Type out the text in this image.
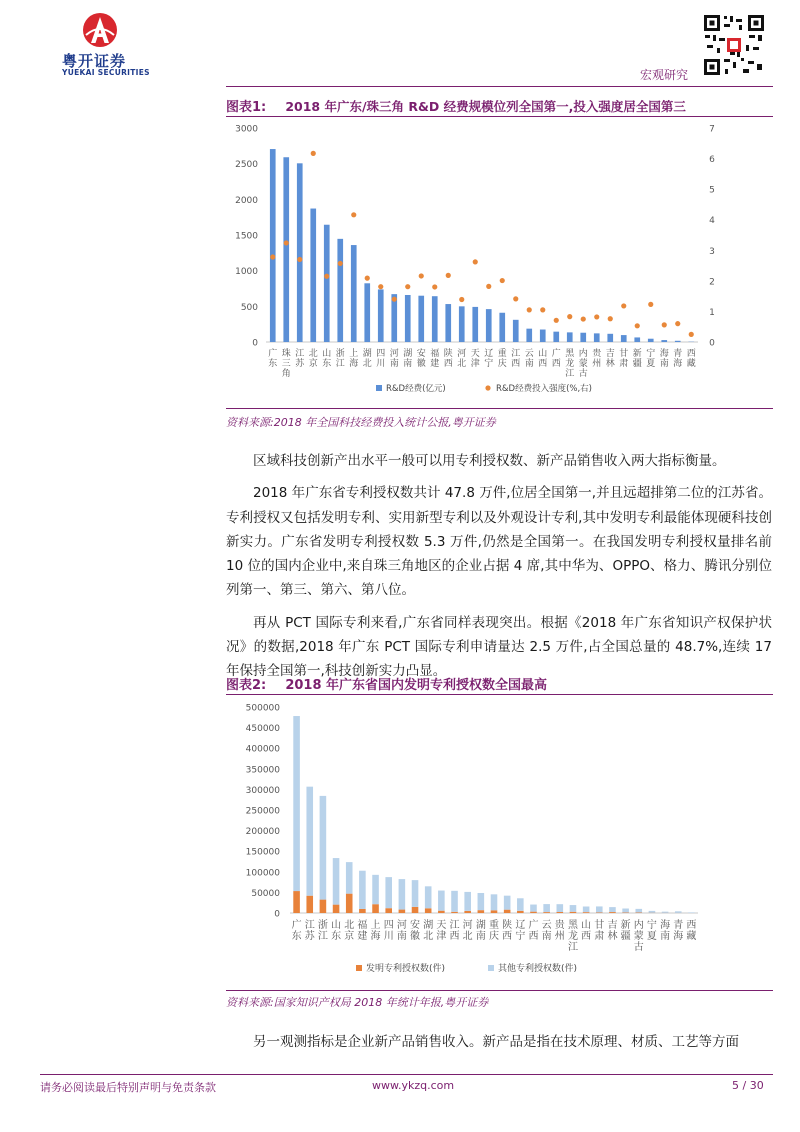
粤开证券
YUEKAI SECURITIES	宏观研究
图表1: 2018 年广东/珠三角 R&D 经费规模位列全国第一,投入强度居全国第三
0
500
1000
1500
2000
2500
3000
0
1
2
3
4
5
6
7
广
东
珠
三
角
江
苏
北
京
山
东
浙
江
上
海
湖
北
四
川
河
南
湖
南
安
徽
福
建
陕
西
河
北
天
津
辽
宁
重
庆
江
西
云
南
山
西
广
西
黑
龙
江
内
蒙
古
贵
州
吉
林
甘
肃
新
疆
宁
夏
海
南
青
海
西
藏
R&D经费(亿元)	R&D经费投入强度(%,右)
资料来源:2018 年全国科技经费投入统计公报,粤开证券

区域科技创新产出水平一般可以用专利授权数、新产品销售收入两大指标衡量。

2018 年广东省专利授权数共计 47.8 万件,位居全国第一,并且远超排第二位的江苏省。专利授权又包括发明专利、实用新型专利以及外观设计专利,其中发明专利最能体现硬科技创新实力。广东省发明专利授权数 5.3 万件,仍然是全国第一。在我国发明专利授权量排名前 10 位的国内企业中,来自珠三角地区的企业占据 4 席,其中华为、OPPO、格力、腾讯分别位列第一、第三、第六、第八位。

再从 PCT 国际专利来看,广东省同样表现突出。根据《2018 年广东省知识产权保护状况》的数据,2018 年广东 PCT 国际专利申请量达 2.5 万件,占全国总量的 48.7%,连续 17 年保持全国第一,科技创新实力凸显。

图表2: 2018 年广东省国内发明专利授权数全国最高
0
50000
100000
150000
200000
250000
300000
350000
400000
450000
500000
广
东
江
苏
浙
江
山
东
北
京
福
建
上
海
四
川
河
南
安
徽
湖
北
天
津
江
西
河
北
湖
南
重
庆
陕
西
辽
宁
广
西
云
南
贵
州
黑
龙
江
山
西
甘
肃
吉
林
新
疆
内
蒙
古
宁
夏
海
南
青
海
西
藏
发明专利授权数(件)	其他专利授权数(件)
资料来源:国家知识产权局 2018 年统计年报,粤开证券

另一观测指标是企业新产品销售收入。新产品是指在技术原理、材质、工艺等方面

请务必阅读最后特别声明与免责条款	www.ykzq.com	5 / 30
